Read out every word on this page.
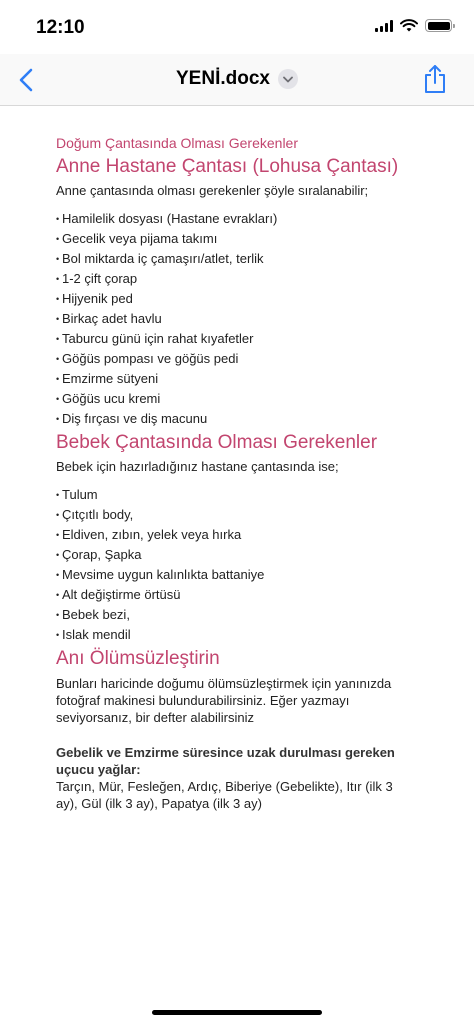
12:10
YENİ.docx
Doğum Çantasında Olması Gerekenler
Anne Hastane Çantası (Lohusa Çantası)
Anne çantasında olması gerekenler şöyle sıralanabilir;
• Hamilelik dosyası (Hastane evrakları)
• Gecelik veya pijama takımı
• Bol miktarda iç çamaşırı/atlet, terlik
• 1-2 çift çorap
• Hijyenik ped
• Birkaç adet havlu
• Taburcu günü için rahat kıyafetler
• Göğüs pompası ve göğüs pedi
• Emzirme sütyeni
• Göğüs ucu kremi
• Diş fırçası ve diş macunu
Bebek Çantasında Olması Gerekenler
Bebek için hazırladığınız hastane çantasında ise;
• Tulum
• Çıtçıtlı body,
• Eldiven, zıbın, yelek veya hırka
• Çorap, Şapka
• Mevsime uygun kalınlıkta battaniye
• Alt değiştirme örtüsü
• Bebek bezi,
• Islak mendil
Anı Ölümsüzleştirin
Bunları haricinde doğumu ölümsüzleştirmek için yanınızda fotoğraf makinesi bulundurabilirsiniz. Eğer yazmayı seviyorsanız, bir defter alabilirsiniz
Gebelik ve Emzirme süresince uzak durulması gereken uçucu yağlar:
Tarçın, Mür, Fesleğen, Ardıç, Biberiye (Gebelikte), Itır (ilk 3 ay), Gül (ilk 3 ay), Papatya (ilk 3 ay)
